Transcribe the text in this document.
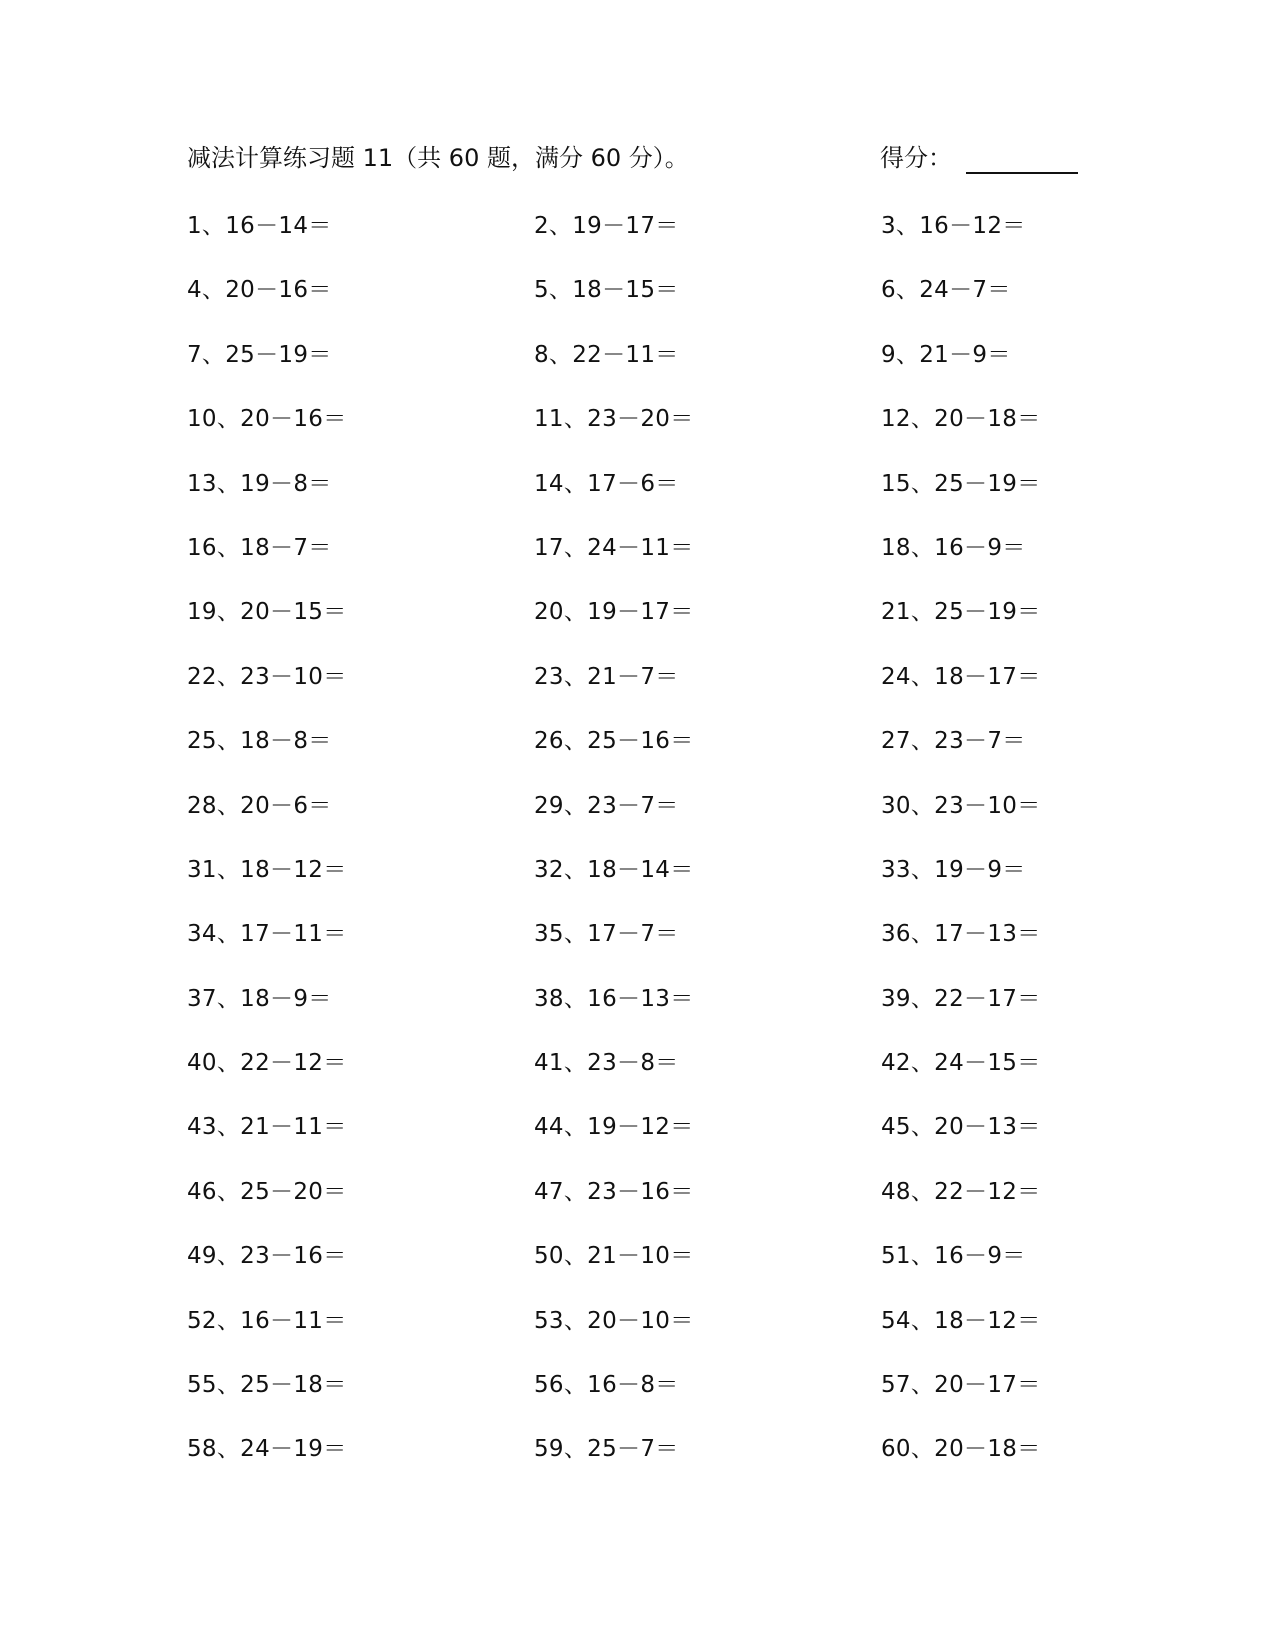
减法计算练习题 11（共 60 题，满分 60 分）。	得分：
1、16－14＝	2、19－17＝	3、16－12＝
4、20－16＝	5、18－15＝	6、24－7＝
7、25－19＝	8、22－11＝	9、21－9＝
10、20－16＝	11、23－20＝	12、20－18＝
13、19－8＝	14、17－6＝	15、25－19＝
16、18－7＝	17、24－11＝	18、16－9＝
19、20－15＝	20、19－17＝	21、25－19＝
22、23－10＝	23、21－7＝	24、18－17＝
25、18－8＝	26、25－16＝	27、23－7＝
28、20－6＝	29、23－7＝	30、23－10＝
31、18－12＝	32、18－14＝	33、19－9＝
34、17－11＝	35、17－7＝	36、17－13＝
37、18－9＝	38、16－13＝	39、22－17＝
40、22－12＝	41、23－8＝	42、24－15＝
43、21－11＝	44、19－12＝	45、20－13＝
46、25－20＝	47、23－16＝	48、22－12＝
49、23－16＝	50、21－10＝	51、16－9＝
52、16－11＝	53、20－10＝	54、18－12＝
55、25－18＝	56、16－8＝	57、20－17＝
58、24－19＝	59、25－7＝	60、20－18＝
